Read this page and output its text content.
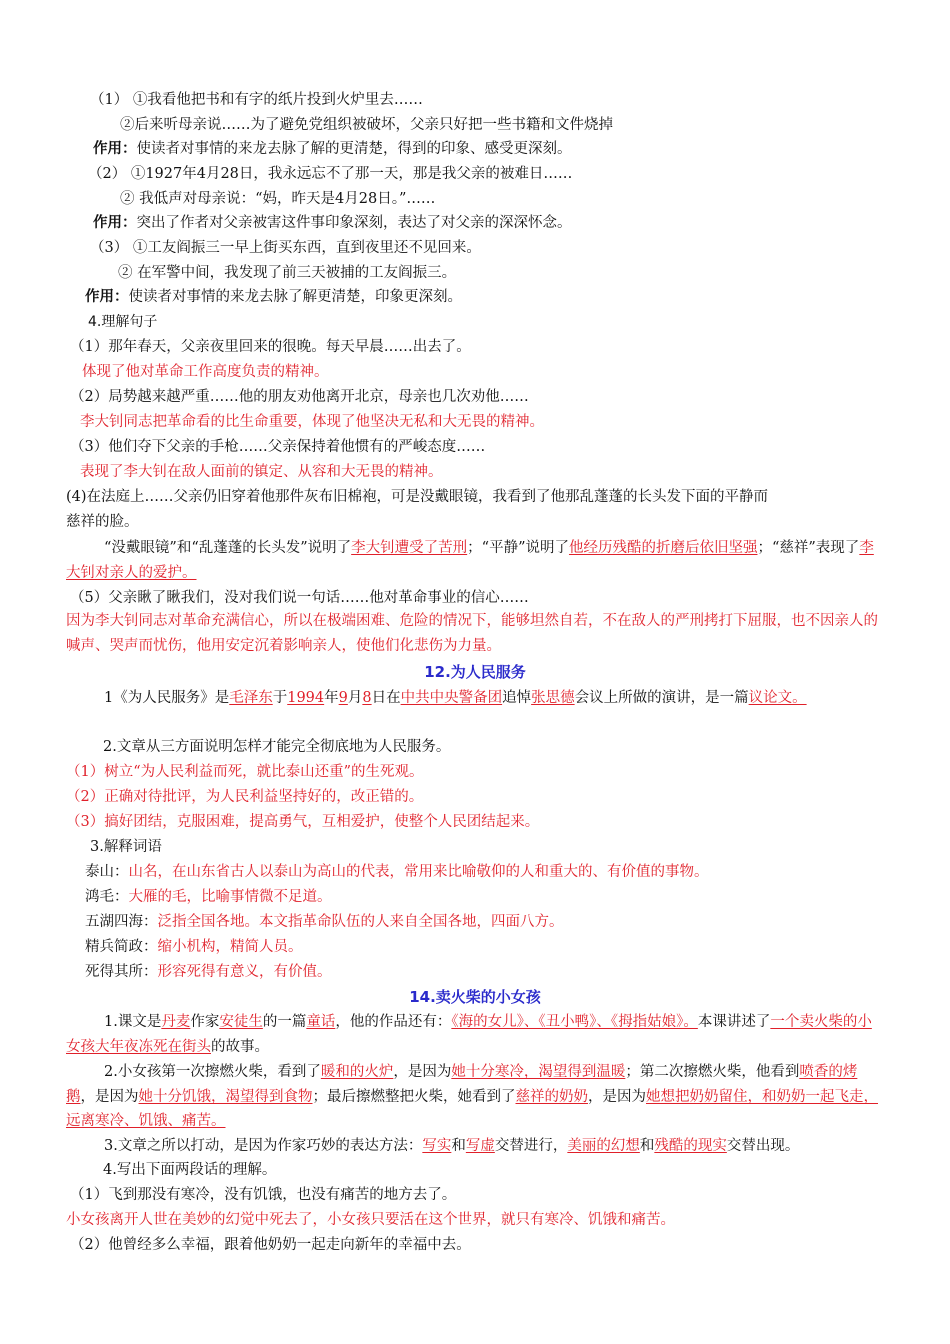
（1） ①我看他把书和有字的纸片投到火炉里去……
②后来听母亲说……为了避免党组织被破坏，父亲只好把一些书籍和文件烧掉
作用：使读者对事情的来龙去脉了解的更清楚，得到的印象、感受更深刻。
（2） ①1927年4月28日，我永远忘不了那一天，那是我父亲的被难日……
② 我低声对母亲说：“妈，昨天是4月28日。”……
作用：突出了作者对父亲被害这件事印象深刻，表达了对父亲的深深怀念。
（3） ①工友阎振三一早上街买东西，直到夜里还不见回来。
② 在军警中间，我发现了前三天被捕的工友阎振三。
作用：使读者对事情的来龙去脉了解更清楚，印象更深刻。
4.理解句子
（1）那年春天，父亲夜里回来的很晚。每天早晨……出去了。
体现了他对革命工作高度负责的精神。
（2）局势越来越严重……他的朋友劝他离开北京，母亲也几次劝他……
李大钊同志把革命看的比生命重要，体现了他坚决无私和大无畏的精神。
（3）他们夺下父亲的手枪……父亲保持着他惯有的严峻态度……
表现了李大钊在敌人面前的镇定、从容和大无畏的精神。
(4)在法庭上……父亲仍旧穿着他那件灰布旧棉袍，可是没戴眼镜，我看到了他那乱蓬蓬的长头发下面的平静而
慈祥的脸。
“没戴眼镜”和“乱蓬蓬的长头发”说明了李大钊遭受了苦刑；“平静”说明了他经历残酷的折磨后依旧坚强；“慈祥”表现了李大钊对亲人的爱护。
（5）父亲瞅了瞅我们，没对我们说一句话……他对革命事业的信心……
因为李大钊同志对革命充满信心，所以在极端困难、危险的情况下，能够坦然自若，不在敌人的严刑拷打下屈服，也不因亲人的喊声、哭声而忧伤，他用安定沉着影响亲人，使他们化悲伤为力量。
12.为人民服务
1《为人民服务》是毛泽东于1994年9月8日在中共中央警备团追悼张思德会议上所做的演讲，是一篇议论文。
2.文章从三方面说明怎样才能完全彻底地为人民服务。
（1）树立“为人民利益而死，就比泰山还重”的生死观。
（2）正确对待批评，为人民利益坚持好的，改正错的。
（3）搞好团结，克服困难，提高勇气，互相爱护，使整个人民团结起来。
3.解释词语
泰山：山名，在山东省古人以泰山为高山的代表，常用来比喻敬仰的人和重大的、有价值的事物。
鸿毛：大雁的毛，比喻事情微不足道。
五湖四海：泛指全国各地。本文指革命队伍的人来自全国各地，四面八方。
精兵简政：缩小机构，精简人员。
死得其所：形容死得有意义，有价值。
14.卖火柴的小女孩
1.课文是丹麦作家安徒生的一篇童话，他的作品还有：《海的女儿》、《丑小鸭》、《拇指姑娘》。本课讲述了一个卖火柴的小女孩大年夜冻死在街头的故事。
2.小女孩第一次擦燃火柴，看到了暖和的火炉，是因为她十分寒冷，渴望得到温暖；第二次擦燃火柴，他看到喷香的烤鹅，是因为她十分饥饿，渴望得到食物；最后擦燃整把火柴，她看到了慈祥的奶奶，是因为她想把奶奶留住，和奶奶一起飞走，远离寒冷、饥饿、痛苦。
3.文章之所以打动，是因为作家巧妙的表达方法：写实和写虚交替进行，美丽的幻想和残酷的现实交替出现。
4.写出下面两段话的理解。
（1）飞到那没有寒冷，没有饥饿，也没有痛苦的地方去了。
小女孩离开人世在美妙的幻觉中死去了，小女孩只要活在这个世界，就只有寒冷、饥饿和痛苦。
（2）他曾经多么幸福，跟着他奶奶一起走向新年的幸福中去。
